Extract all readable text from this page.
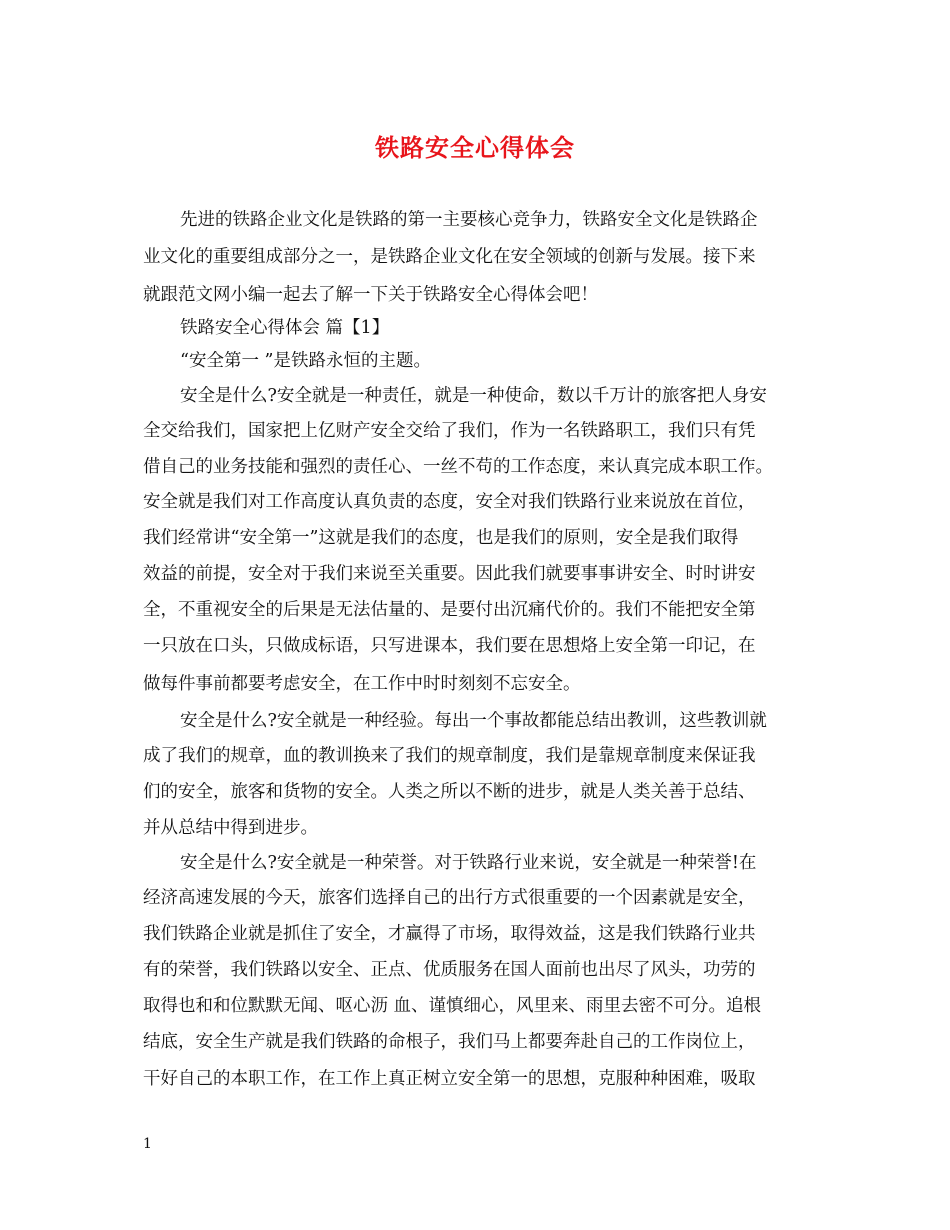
铁路安全心得体会
先进的铁路企业文化是铁路的第一主要核心竞争力，铁路安全文化是铁路企
业文化的重要组成部分之一，是铁路企业文化在安全领域的创新与发展。接下来
就跟范文网小编一起去了解一下关于铁路安全心得体会吧！
铁路安全心得体会 篇【1】
“安全第一 ”是铁路永恒的主题。
安全是什么?安全就是一种责任，就是一种使命，数以千万计的旅客把人身安
全交给我们，国家把上亿财产安全交给了我们，作为一名铁路职工，我们只有凭
借自己的业务技能和强烈的责任心、一丝不苟的工作态度，来认真完成本职工作。
安全就是我们对工作高度认真负责的态度，安全对我们铁路行业来说放在首位，
我们经常讲“安全第一”这就是我们的态度，也是我们的原则，安全是我们取得
效益的前提，安全对于我们来说至关重要。因此我们就要事事讲安全、时时讲安
全，不重视安全的后果是无法估量的、是要付出沉痛代价的。我们不能把安全第
一只放在口头，只做成标语，只写进课本，我们要在思想烙上安全第一印记，在
做每件事前都要考虑安全，在工作中时时刻刻不忘安全。
安全是什么?安全就是一种经验。每出一个事故都能总结出教训，这些教训就
成了我们的规章，血的教训换来了我们的规章制度，我们是靠规章制度来保证我
们的安全，旅客和货物的安全。人类之所以不断的进步，就是人类关善于总结、
并从总结中得到进步。
安全是什么?安全就是一种荣誉。对于铁路行业来说，安全就是一种荣誉!在
经济高速发展的今天，旅客们选择自己的出行方式很重要的一个因素就是安全，
我们铁路企业就是抓住了安全，才赢得了市场，取得效益，这是我们铁路行业共
有的荣誉，我们铁路以安全、正点、优质服务在国人面前也出尽了风头，功劳的
取得也和和位默默无闻、呕心沥 血、谨慎细心，风里来、雨里去密不可分。追根
结底，安全生产就是我们铁路的命根子，我们马上都要奔赴自己的工作岗位上，
干好自己的本职工作，在工作上真正树立安全第一的思想，克服种种困难，吸取
1
